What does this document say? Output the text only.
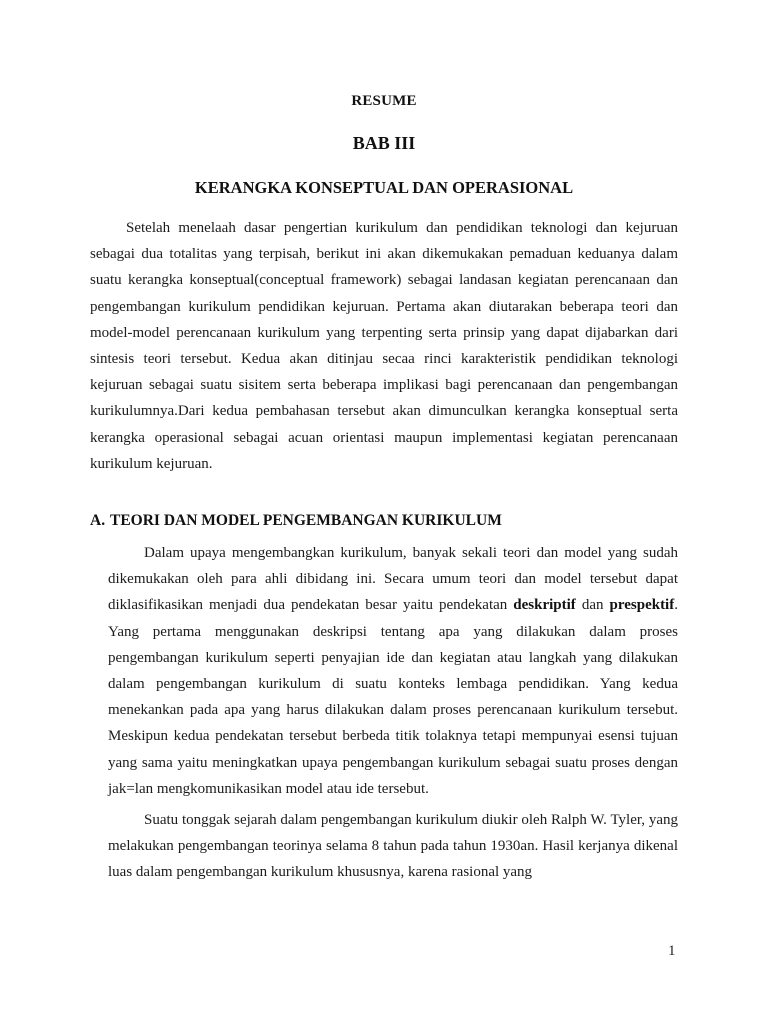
RESUME
BAB III
KERANGKA KONSEPTUAL DAN OPERASIONAL

Setelah menelaah dasar pengertian kurikulum dan pendidikan teknologi dan kejuruan sebagai dua totalitas yang terpisah, berikut ini akan dikemukakan pemaduan keduanya dalam suatu kerangka konseptual(conceptual framework) sebagai landasan kegiatan perencanaan dan pengembangan kurikulum pendidikan kejuruan. Pertama akan diutarakan beberapa teori dan model-model perencanaan kurikulum yang terpenting serta prinsip yang dapat dijabarkan dari sintesis teori tersebut. Kedua akan ditinjau secaa rinci karakteristik pendidikan teknologi kejuruan sebagai suatu sisitem serta beberapa implikasi bagi perencanaan dan pengembangan kurikulumnya.Dari kedua pembahasan tersebut akan dimunculkan kerangka konseptual serta kerangka operasional sebagai acuan orientasi maupun implementasi kegiatan perencanaan kurikulum kejuruan.

A. TEORI DAN MODEL PENGEMBANGAN KURIKULUM

Dalam upaya mengembangkan kurikulum, banyak sekali teori dan model yang sudah dikemukakan oleh para ahli dibidang ini. Secara umum teori dan model tersebut dapat diklasifikasikan menjadi dua pendekatan besar yaitu pendekatan deskriptif dan prespektif. Yang pertama menggunakan deskripsi tentang apa yang dilakukan dalam proses pengembangan kurikulum seperti penyajian ide dan kegiatan atau langkah yang dilakukan dalam pengembangan kurikulum di suatu konteks lembaga pendidikan. Yang kedua menekankan pada apa yang harus dilakukan dalam proses perencanaan kurikulum tersebut. Meskipun kedua pendekatan tersebut berbeda titik tolaknya tetapi mempunyai esensi tujuan yang sama yaitu meningkatkan upaya pengembangan kurikulum sebagai suatu proses dengan jak=lan mengkomunikasikan model atau ide tersebut.

Suatu tonggak sejarah dalam pengembangan kurikulum diukir oleh Ralph W. Tyler, yang melakukan pengembangan teorinya selama 8 tahun pada tahun 1930an. Hasil kerjanya dikenal luas dalam pengembangan kurikulum khususnya, karena rasional yang

1
